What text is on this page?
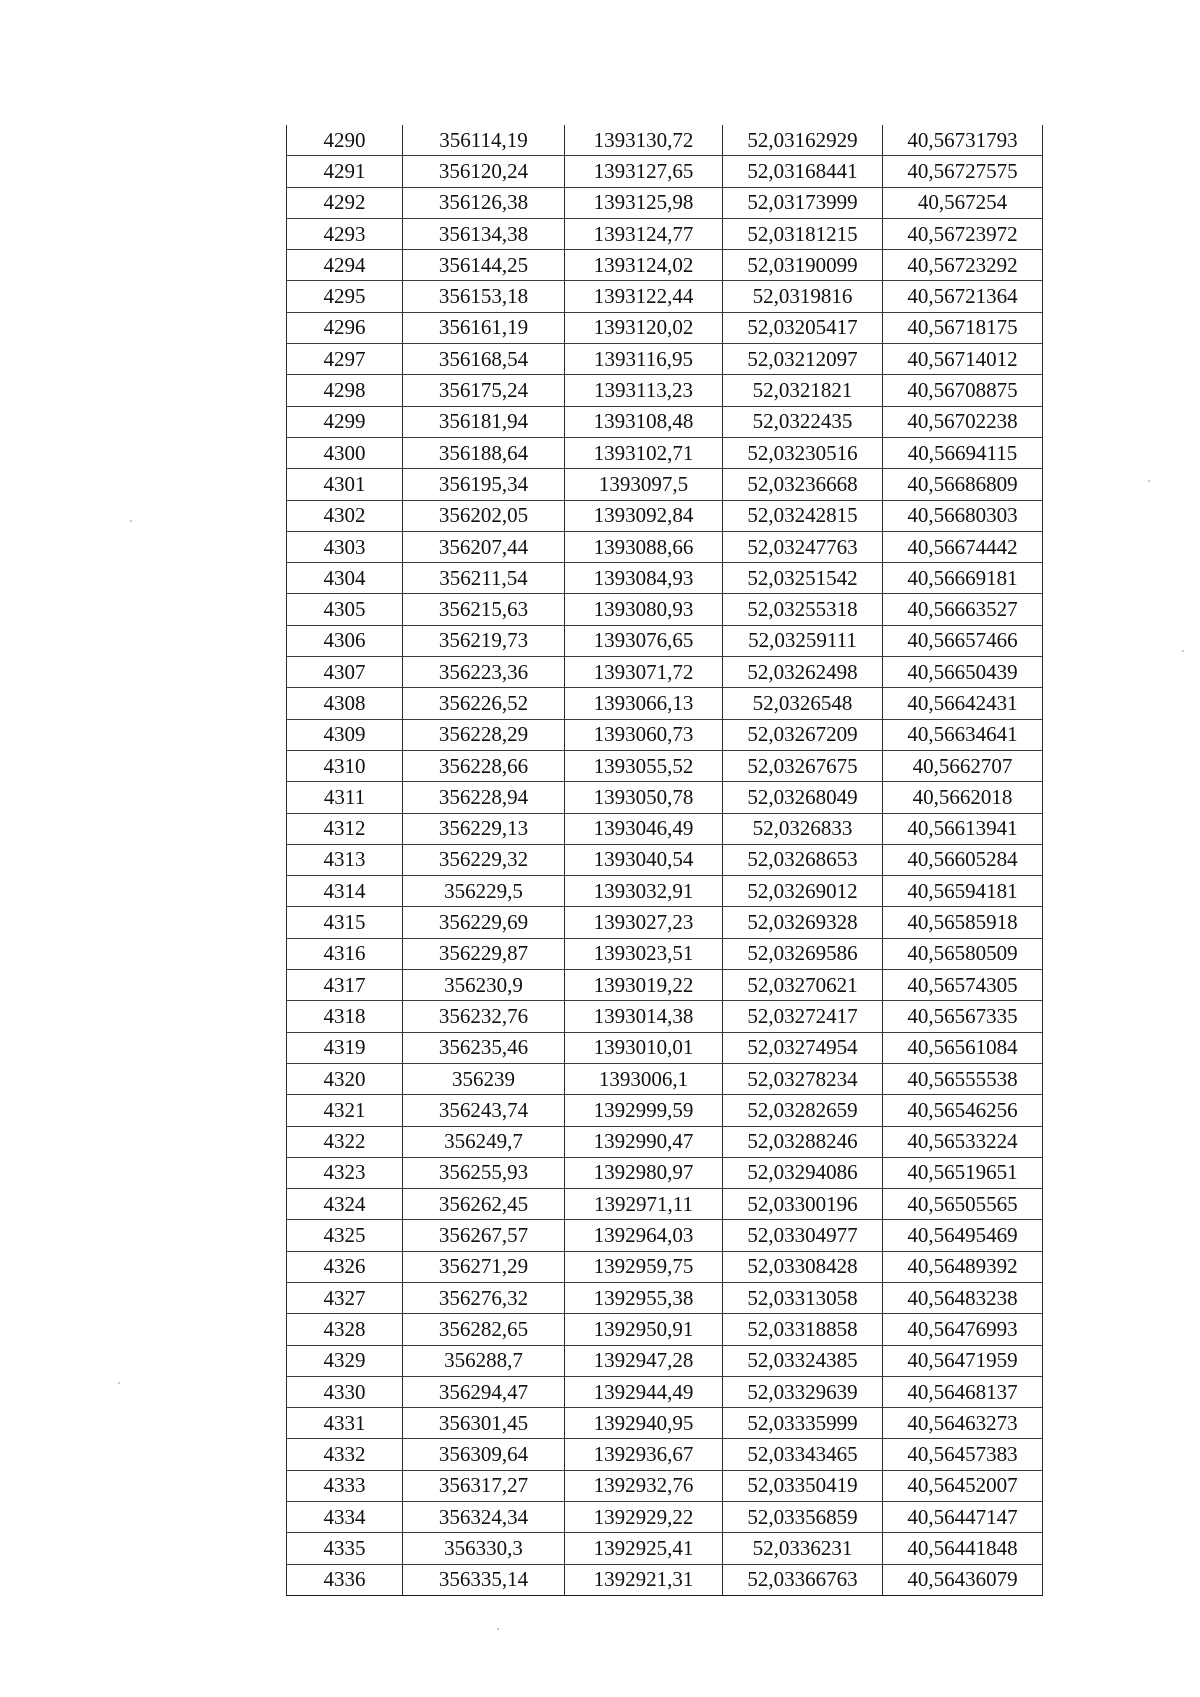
4290	356114,19	1393130,72	52,03162929	40,56731793
4291	356120,24	1393127,65	52,03168441	40,56727575
4292	356126,38	1393125,98	52,03173999	40,567254
4293	356134,38	1393124,77	52,03181215	40,56723972
4294	356144,25	1393124,02	52,03190099	40,56723292
4295	356153,18	1393122,44	52,0319816	40,56721364
4296	356161,19	1393120,02	52,03205417	40,56718175
4297	356168,54	1393116,95	52,03212097	40,56714012
4298	356175,24	1393113,23	52,0321821	40,56708875
4299	356181,94	1393108,48	52,0322435	40,56702238
4300	356188,64	1393102,71	52,03230516	40,56694115
4301	356195,34	1393097,5	52,03236668	40,56686809
4302	356202,05	1393092,84	52,03242815	40,56680303
4303	356207,44	1393088,66	52,03247763	40,56674442
4304	356211,54	1393084,93	52,03251542	40,56669181
4305	356215,63	1393080,93	52,03255318	40,56663527
4306	356219,73	1393076,65	52,03259111	40,56657466
4307	356223,36	1393071,72	52,03262498	40,56650439
4308	356226,52	1393066,13	52,0326548	40,56642431
4309	356228,29	1393060,73	52,03267209	40,56634641
4310	356228,66	1393055,52	52,03267675	40,5662707
4311	356228,94	1393050,78	52,03268049	40,5662018
4312	356229,13	1393046,49	52,0326833	40,56613941
4313	356229,32	1393040,54	52,03268653	40,56605284
4314	356229,5	1393032,91	52,03269012	40,56594181
4315	356229,69	1393027,23	52,03269328	40,56585918
4316	356229,87	1393023,51	52,03269586	40,56580509
4317	356230,9	1393019,22	52,03270621	40,56574305
4318	356232,76	1393014,38	52,03272417	40,56567335
4319	356235,46	1393010,01	52,03274954	40,56561084
4320	356239	1393006,1	52,03278234	40,56555538
4321	356243,74	1392999,59	52,03282659	40,56546256
4322	356249,7	1392990,47	52,03288246	40,56533224
4323	356255,93	1392980,97	52,03294086	40,56519651
4324	356262,45	1392971,11	52,03300196	40,56505565
4325	356267,57	1392964,03	52,03304977	40,56495469
4326	356271,29	1392959,75	52,03308428	40,56489392
4327	356276,32	1392955,38	52,03313058	40,56483238
4328	356282,65	1392950,91	52,03318858	40,56476993
4329	356288,7	1392947,28	52,03324385	40,56471959
4330	356294,47	1392944,49	52,03329639	40,56468137
4331	356301,45	1392940,95	52,03335999	40,56463273
4332	356309,64	1392936,67	52,03343465	40,56457383
4333	356317,27	1392932,76	52,03350419	40,56452007
4334	356324,34	1392929,22	52,03356859	40,56447147
4335	356330,3	1392925,41	52,0336231	40,56441848
4336	356335,14	1392921,31	52,03366763	40,56436079
